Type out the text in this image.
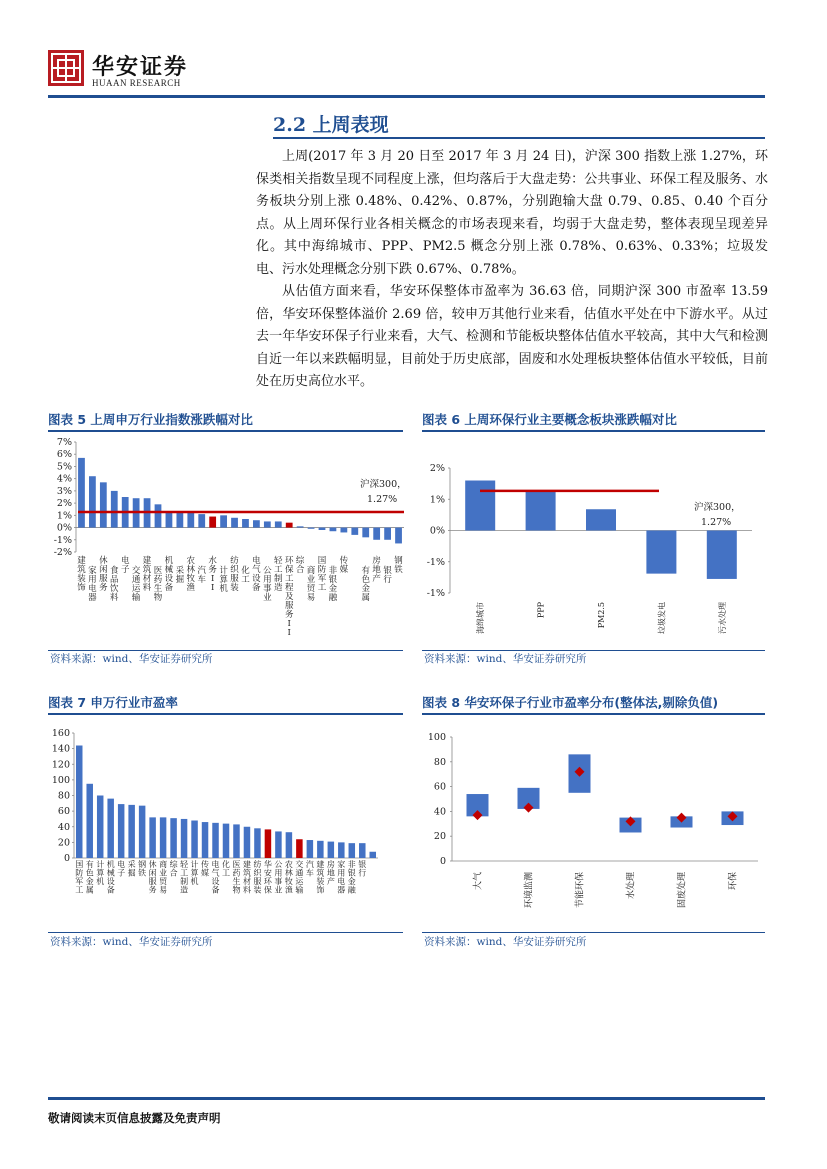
华安证券
HUAAN RESEARCH
2.2 上周表现
上周(2017 年 3 月 20 日至 2017 年 3 月 24 日)，沪深 300 指数上涨 1.27%，环保类相关指数呈现不同程度上涨，但均落后于大盘走势：公共事业、环保工程及服务、水务板块分别上涨 0.48%、0.42%、0.87%，分别跑输大盘 0.79、0.85、0.40 个百分点。从上周环保行业各相关概念的市场表现来看，均弱于大盘走势，整体表现呈现差异化。其中海绵城市、PPP、PM2.5 概念分别上涨 0.78%、0.63%、0.33%；垃圾发电、污水处理概念分别下跌 0.67%、0.78%。
从估值方面来看，华安环保整体市盈率为 36.63 倍，同期沪深 300 市盈率 13.59 倍，华安环保整体溢价 2.69 倍，较申万其他行业来看，估值水平处在中下游水平。从过去一年华安环保子行业来看，大气、检测和节能板块整体估值水平较高，其中大气和检测自近一年以来跌幅明显，目前处于历史底部，固废和水处理板块整体估值水平较低，目前处在历史高位水平。
图表 5 上周申万行业指数涨跌幅对比	图表 6 上周环保行业主要概念板块涨跌幅对比
图表 7 申万行业市盈率	图表 8 华安环保子行业市盈率分布(整体法,剔除负值)
7%
6%
5%
4%
3%
2%
1%
0%
-1%
-2%
沪深300，
1.27%
建筑装饰
家用电器
休闲服务
食品饮料
电子 交通运输
建筑材料
医药生物
机械设备
采掘
农林牧渔
汽车
水务 I I
计算机
纺织服装
化工
电气设备
公用事业
轻工制造
环保工程及服务 I I
综合 商业贸易
国防军工
非银金融
传媒 有色金属
房地产
银行
钢铁
2%
1%
0%
-1%
-1%
海绵城市	PPP	PM2.5	垃圾发电	污水处理
沪深300，
1.27%
160
140
120
100
80
60
40
20
0
国防军工
有色金属
计算机
机械设备
电子
采掘
钢铁
休闲服务
商业贸易
综合
轻工制造
计算机
传媒
电气设备
化工
医药生物
建筑材料
纺织服装
华安环保
公用事业
农林牧渔
交通运输
汽车
建筑装饰
房地产
家用电器
非银金融
银行
100
80
60
40
20
0
大气	环境监测	节能环保	水处理	固废处理	环保
资料来源：wind、华安证券研究所	资料来源：wind、华安证券研究所
资料来源：wind、华安证券研究所	资料来源：wind、华安证券研究所
敬请阅读末页信息披露及免责声明
